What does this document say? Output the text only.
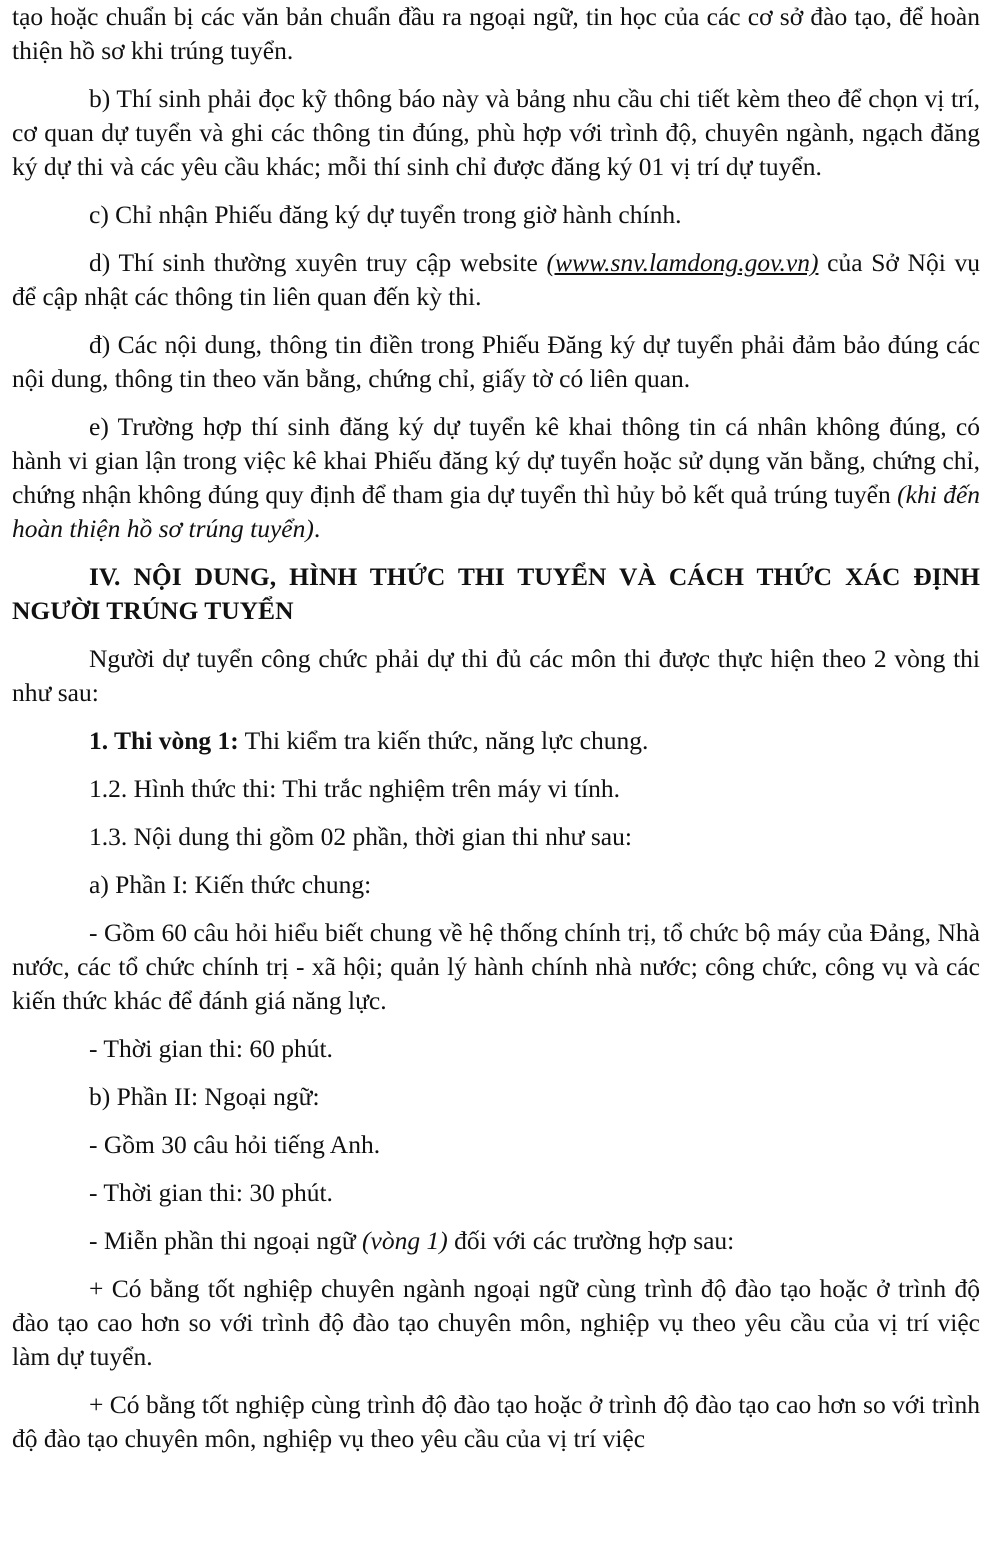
tạo hoặc chuẩn bị các văn bản chuẩn đầu ra ngoại ngữ, tin học của các cơ sở đào tạo, để hoàn thiện hồ sơ khi trúng tuyển.

b) Thí sinh phải đọc kỹ thông báo này và bảng nhu cầu chi tiết kèm theo để chọn vị trí, cơ quan dự tuyển và ghi các thông tin đúng, phù hợp với trình độ, chuyên ngành, ngạch đăng ký dự thi và các yêu cầu khác; mỗi thí sinh chỉ được đăng ký 01 vị trí dự tuyển.

c) Chỉ nhận Phiếu đăng ký dự tuyển trong giờ hành chính.

d) Thí sinh thường xuyên truy cập website (www.snv.lamdong.gov.vn) của Sở Nội vụ để cập nhật các thông tin liên quan đến kỳ thi.

đ) Các nội dung, thông tin điền trong Phiếu Đăng ký dự tuyển phải đảm bảo đúng các nội dung, thông tin theo văn bằng, chứng chỉ, giấy tờ có liên quan.

e) Trường hợp thí sinh đăng ký dự tuyển kê khai thông tin cá nhân không đúng, có hành vi gian lận trong việc kê khai Phiếu đăng ký dự tuyển hoặc sử dụng văn bằng, chứng chỉ, chứng nhận không đúng quy định để tham gia dự tuyển thì hủy bỏ kết quả trúng tuyển (khi đến hoàn thiện hồ sơ trúng tuyển).

IV. NỘI DUNG, HÌNH THỨC THI TUYỂN VÀ CÁCH THỨC XÁC ĐỊNH NGƯỜI TRÚNG TUYỂN

Người dự tuyển công chức phải dự thi đủ các môn thi được thực hiện theo 2 vòng thi như sau:

1. Thi vòng 1: Thi kiểm tra kiến thức, năng lực chung.

1.2. Hình thức thi: Thi trắc nghiệm trên máy vi tính.

1.3. Nội dung thi gồm 02 phần, thời gian thi như sau:

a) Phần I: Kiến thức chung:

- Gồm 60 câu hỏi hiểu biết chung về hệ thống chính trị, tổ chức bộ máy của Đảng, Nhà nước, các tổ chức chính trị - xã hội; quản lý hành chính nhà nước; công chức, công vụ và các kiến thức khác để đánh giá năng lực.

- Thời gian thi: 60 phút.

b) Phần II: Ngoại ngữ:

- Gồm 30 câu hỏi tiếng Anh.

- Thời gian thi: 30 phút.

- Miễn phần thi ngoại ngữ (vòng 1) đối với các trường hợp sau:

+ Có bằng tốt nghiệp chuyên ngành ngoại ngữ cùng trình độ đào tạo hoặc ở trình độ đào tạo cao hơn so với trình độ đào tạo chuyên môn, nghiệp vụ theo yêu cầu của vị trí việc làm dự tuyển.

+ Có bằng tốt nghiệp cùng trình độ đào tạo hoặc ở trình độ đào tạo cao hơn so với trình độ đào tạo chuyên môn, nghiệp vụ theo yêu cầu của vị trí việc
